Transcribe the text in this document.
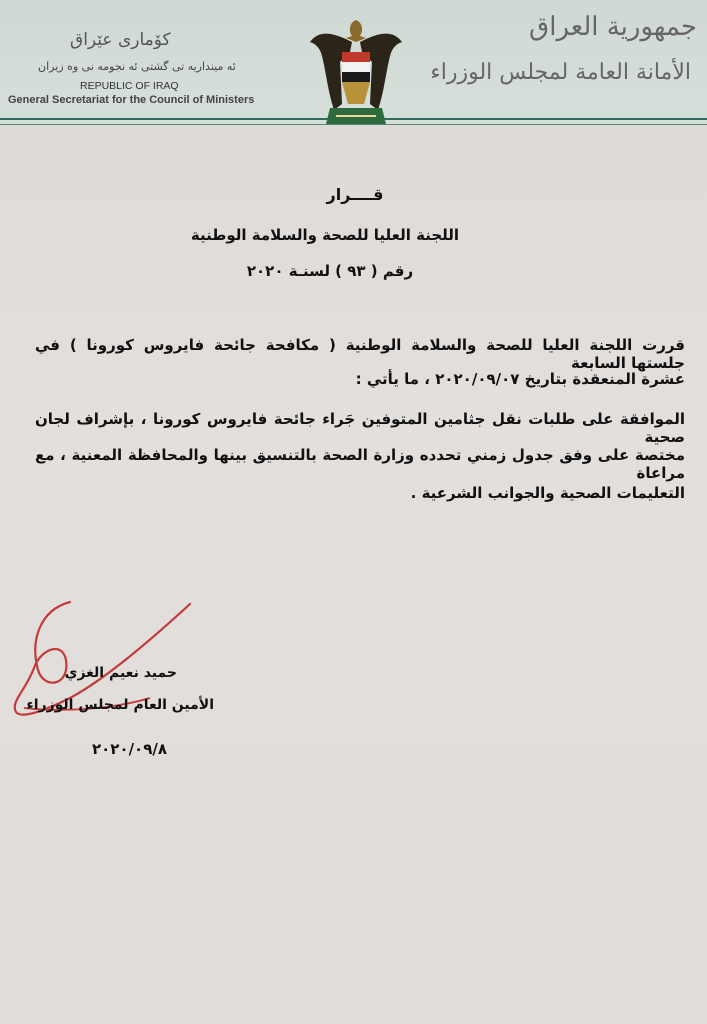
كۆماری عێراق
ئه‌ مینداریه‌ تی گشتی ئه‌ نجومه‌ نی وه‌ زیران
REPUBLIC OF IRAQ
General Secretariat for the Council of Ministers
جمهورية العراق
الأمانة العامة لمجلس الوزراء
قــــرار
اللجنة العليا للصحة والسلامة الوطنية
رقم ( ٩٣ ) لسنـة ٢٠٢٠
قررت اللجنة العليا للصحة والسلامة الوطنية ( مكافحة جائحة فايروس كورونا ) في جلستها السابعة
عشرة المنعقدة بتاريخ ٢٠٢٠/٠٩/٠٧ ، ما يأتي :
الموافقة على طلبات نقل جثامين المتوفين جَراء جائحة فايروس كورونا ، بإشراف لجان صحية
مختصة على وفق جدول زمني تحدده وزارة الصحة بالتنسيق بينها والمحافظة المعنية ، مع مراعاة
التعليمات الصحية والجوانب الشرعية .
حميد نعيم الغزي
الأمين العام لمجلس الوزراء
٢٠٢٠/٠٩/٨
